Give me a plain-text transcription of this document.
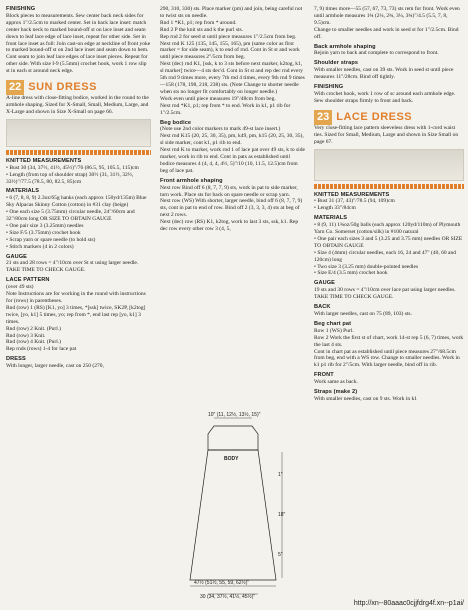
FINISHING

Block pieces to measurements. Sew center back neck sides for approx 1"/2.5cm to marked center. Set in back lace inset: match center back neck to marked bound-off st on lace inset and seam down to leaf lace edge of lace inset, repeat for other side. Set in front lace inset as foll: Join cast-on edge at neckline of front yoke to marked bound-off st on 2nd lace inset and seam down to hem. Cont seam to join leaf lace edges of lace inset pieces. Repeat for other side. With size I-9 (5.5mm) crochet hook, work 1 row slip st in each st around neck edge.

22 SUN DRESS

A-line dress with close-fitting bodice, worked in the round to the armhole shaping. Sized for X-Small, Small, Medium, Large, and X-Large and shown in Size X-Small on page 66.

KNITTED MEASUREMENTS

• Bust 30 (34, 37½, 41½, 45½)"/76 (86.5, 95, 105.5, 115)cm

• Length (from top of shoulder strap) 30½ (31, 31½, 32½, 33½)"/77.5 (78.5, 80, 82.5, 85)cm

MATERIALS

• 6 (7, 8, 8, 9) 2.3oz/65g hanks (each approx 150yd/135m) Blue Sky Alpacas Skinny Cotton (cotton) in #31 clay (beige)

• One each size 5 (3.75mm) circular needle, 24"/60cm and 32"/80cm long OR SIZE TO OBTAIN GAUGE

• One pair size 3 (3.25mm) needles

• Size F/5 (3.75mm) crochet hook

• Scrap yarn or spare needle (to hold sts)

• Stitch markers (4 in 2 colors)

GAUGE

21 sts and 28 rows = 4"/10cm over St st using larger needle.

TAKE TIME TO CHECK GAUGE.

LACE PATTERN

(over 49 sts)

Note Instructions are for working in the round with instructions for (rows) in parentheses.

Rnd (row) 1 (RS) [K1, yo] 3 times, *[ssk] twice, SK2P, [k2tog] twice, [yo, k1] 5 times, yo; rep from *, end last rep [yo, k1] 3 times.

Rnd (row) 2 Knit. (Purl.)

Rnd (row) 3 Knit.

Rnd (row) 4 Knit. (Purl.)

Rep rnds (rows) 1-4 for lace pat

DRESS

With longer, larger needle, cast on 250 (270,

290, 310, 330) sts. Place marker (pm) and join, being careful not to twist sts on needle.

Rnd 1 *K1, p1; rep from * around.

Rnd 2 P the knit sts and k the purl sts.

Rep rnd 2 for seed st until piece measures 1"/2.5cm from beg.

Next rnd K 125 (135, 145, 155, 165), pm (same color as first marker = for side seam), k to end of rnd. Cont in St st and work until piece measures 2"/5cm from beg.

Next (dec) rnd K1, [ssk, k to 3 sts before next marker, k2tog, k1, sl marker] twice—4 sts dec'd. Cont in St st and rep dec rnd every 5th rnd 9 times more, every 7th rnd 4 times, every 9th rnd 9 times—158 (178, 198, 218, 238) sts. (Note Change to shorter needle when sts no longer fit comfortably on longer needle.)

Work even until piece measures 19"/48cm from beg.

Next rnd *K1, p1; rep from * to end. Work in k1, p1 rib for 1"/2.5cm.

Beg bodice

(Note use 2nd color markers to mark 49-st lace insert.)

Next rnd K15 (20, 25, 30, 35), pm, k49, pm, k15 (20, 25, 30, 35), sl side marker, cont k1, p1 rib to end.

Next rnd K to marker, work rnd 1 of lace pat over 49 sts, k to side marker, work in rib to end. Cont in pats as established until bodice measures 4 (4, 4, 4, 4½, 5)"/10 (10, 11.5, 12.5)cm from beg of lace pat.

Front armhole shaping

Next row Bind off 6 (8, 7, 7, 9) sts, work in pat to side marker, turn work. Place sts for back on spare needle or scrap yarn.

Next row (WS) With shorter, larger needle, bind off 6 (8, 7, 7, 9) sts, cont in pat to end of row. Bind off 2 (3, 3, 3, 4) sts at beg of next 2 rows.

Next (dec) row (RS) K1, k2tog, work to last 3 sts, ssk, k1. Rep dec row every other row 3 (4, 5,

10" (11, 12½, 13½, 15)"
BODY
1"
18"
5"
47½ (51½, 55, 59, 62½)"
30 (34, 37½, 41½, 45½)"

7, 9) times more—55 (57, 67, 73, 73) sts rem for front. Work even until armhole measures 1¾ (2¼, 2¾, 3¼, 3¾)"/4.5 (5.5, 7, 8, 9.5)cm.

Change to smaller needles and work in seed st for 1"/2.5cm. Bind off.

Back armhole shaping

Rejoin yarn to back and complete to correspond to front.

Shoulder straps

With smaller needles, cast on 39 sts. Work in seed st until piece measures 11"/28cm. Bind off tightly.

FINISHING

With crochet hook, work 1 row of sc around each armhole edge. Sew shoulder straps firmly to front and back.

23 LACE DRESS

Very close-fitting lace pattern sleeveless dress with 1-cord waist ties. Sized for Small, Medium, Large and shown in Size Small on page 67.

KNITTED MEASUREMENTS

• Bust 31 (37, 43)"/78.5 (94, 109)cm

• Length 33"/84cm

MATERIALS

• 8 (9, 11) 1¾oz/50g balls (each approx 120yd/110m) of Plymouth Yarn Co. Somerset (cotton/silk) in #100 natural

• One pair each sizes 3 and 5 (3.25 and 3.75 mm) needles OR SIZE TO OBTAIN GAUGE

• Size 4 (4mm) circular needles, each 16, 24 and 47" (40, 60 and 120cm) long

• Two size 3 (3.25 mm) double-pointed needles

• Size E/4 (3.5 mm) crochet hook

GAUGE

19 sts and 30 rows = 4"/10cm over lace pat using larger needles.

TAKE TIME TO CHECK GAUGE.

BACK

With larger needles, cast on 75 (89, 103) sts.

Beg chart pat

Row 1 (WS) Purl.

Row 2 Work the first st of chart, work 14-st rep 5 (6, 7) times, work the last 4 sts.

Cont in chart pat as established until piece measures 27"/68.5cm from beg, end with a WS row. Change to smaller needles. Work in k1 p1 rib for 2"/5cm. With larger needle, bind off in rib.

FRONT

Work same as back.

Straps (make 2)

With smaller needles, cast on 9 sts. Work in k1

http://xn--80aaac0cjjfdrg4f.xn--p1ai/
